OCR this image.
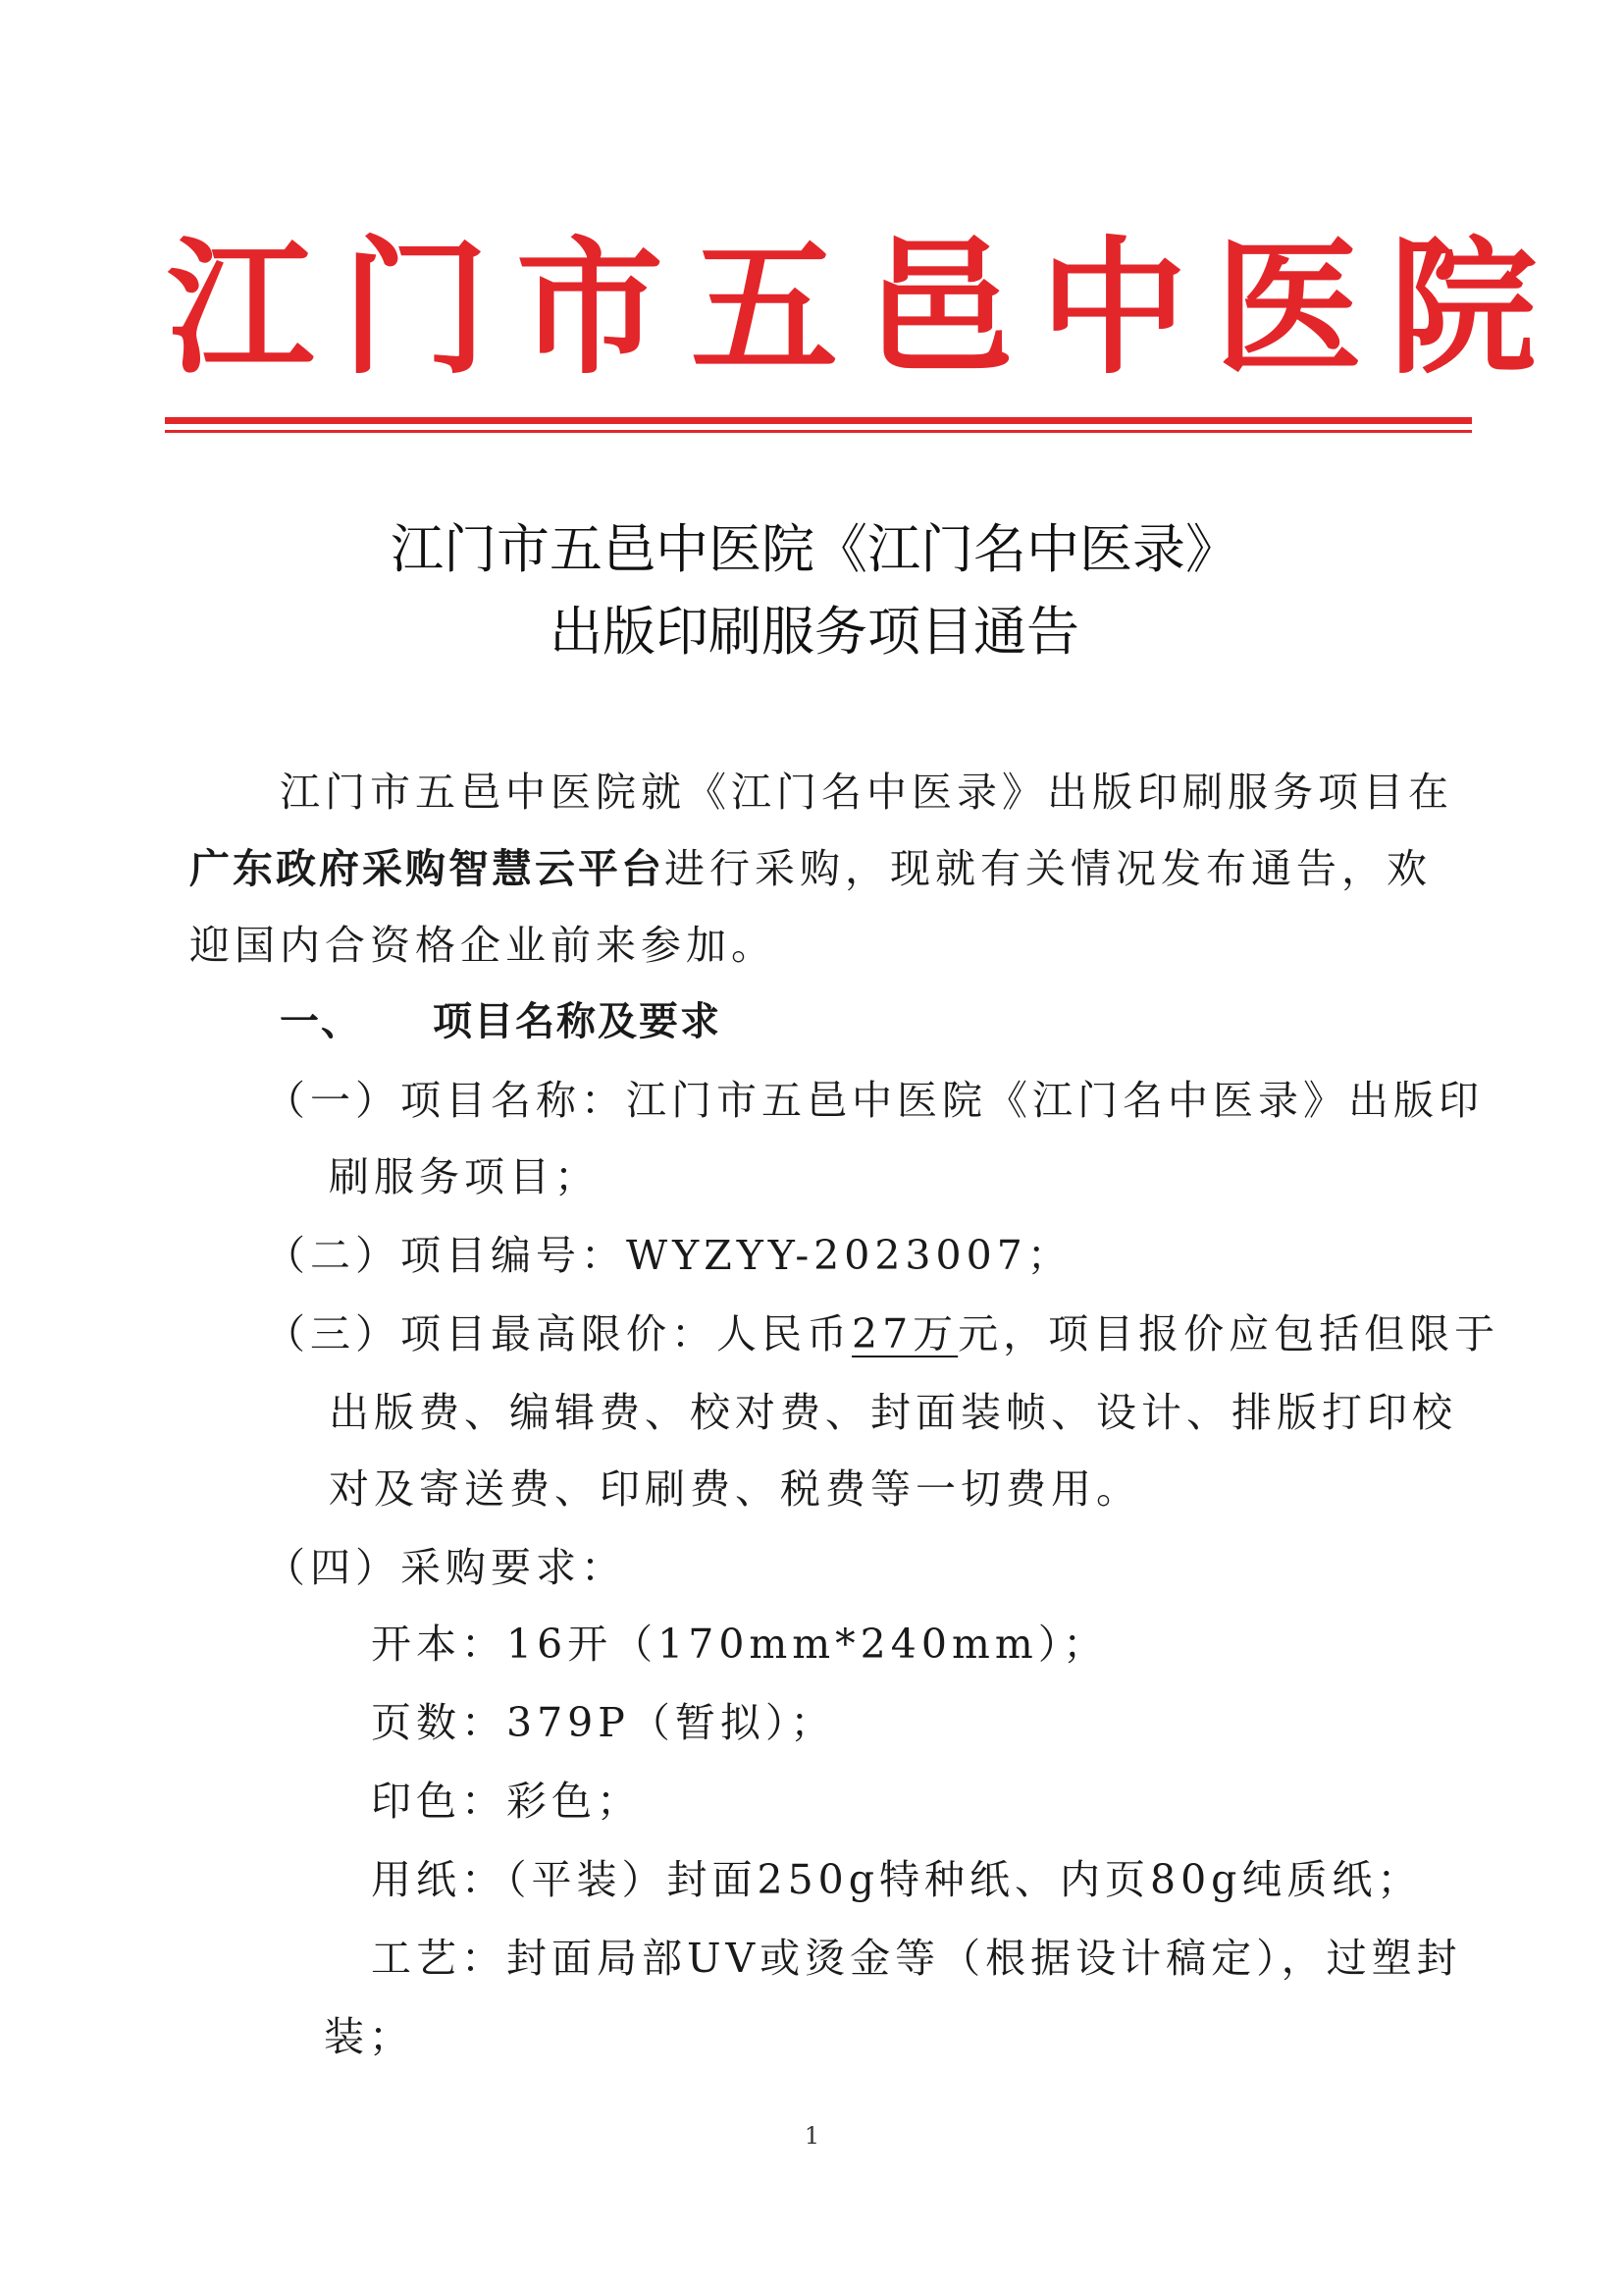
江门市五邑中医院
江门市五邑中医院《江门名中医录》
出版印刷服务项目通告
江门市五邑中医院就《江门名中医录》出版印刷服务项目在
广东政府采购智慧云平台进行采购，现就有关情况发布通告，欢
迎国内合资格企业前来参加。
一、 项目名称及要求
（一）项目名称：江门市五邑中医院《江门名中医录》出版印
刷服务项目；
（二）项目编号：WYZYY-2023007；
（三）项目最高限价：人民币27万元，项目报价应包括但限于
出版费、编辑费、校对费、封面装帧、设计、排版打印校
对及寄送费、印刷费、税费等一切费用。
（四）采购要求：
开本：16开（170mm*240mm）；
页数：379P（暂拟）；
印色：彩色；
用纸：（平装）封面250g特种纸、内页80g纯质纸；
工艺：封面局部UV或烫金等（根据设计稿定），过塑封
装；
1
